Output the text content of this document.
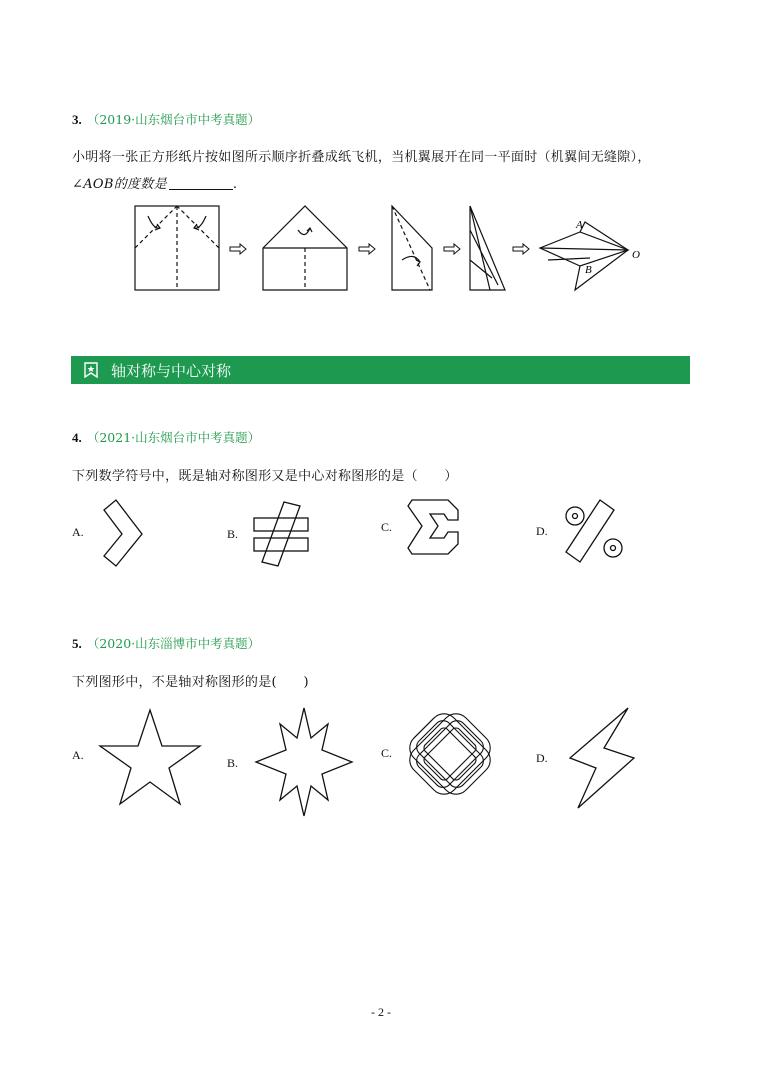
3. （2019·山东烟台市中考真题）
小明将一张正方形纸片按如图所示顺序折叠成纸飞机，当机翼展开在同一平面时（机翼间无缝隙），
∠AOB的度数是	.
A
B
O
轴对称与中心对称
4. （2021·山东烟台市中考真题）
下列数学符号中，既是轴对称图形又是中心对称图形的是（　　）
A.	B.	C.	D.
5. （2020·山东淄博市中考真题）
下列图形中，不是轴对称图形的是(　　)
A.
B.
C.	D.
- 2 -
